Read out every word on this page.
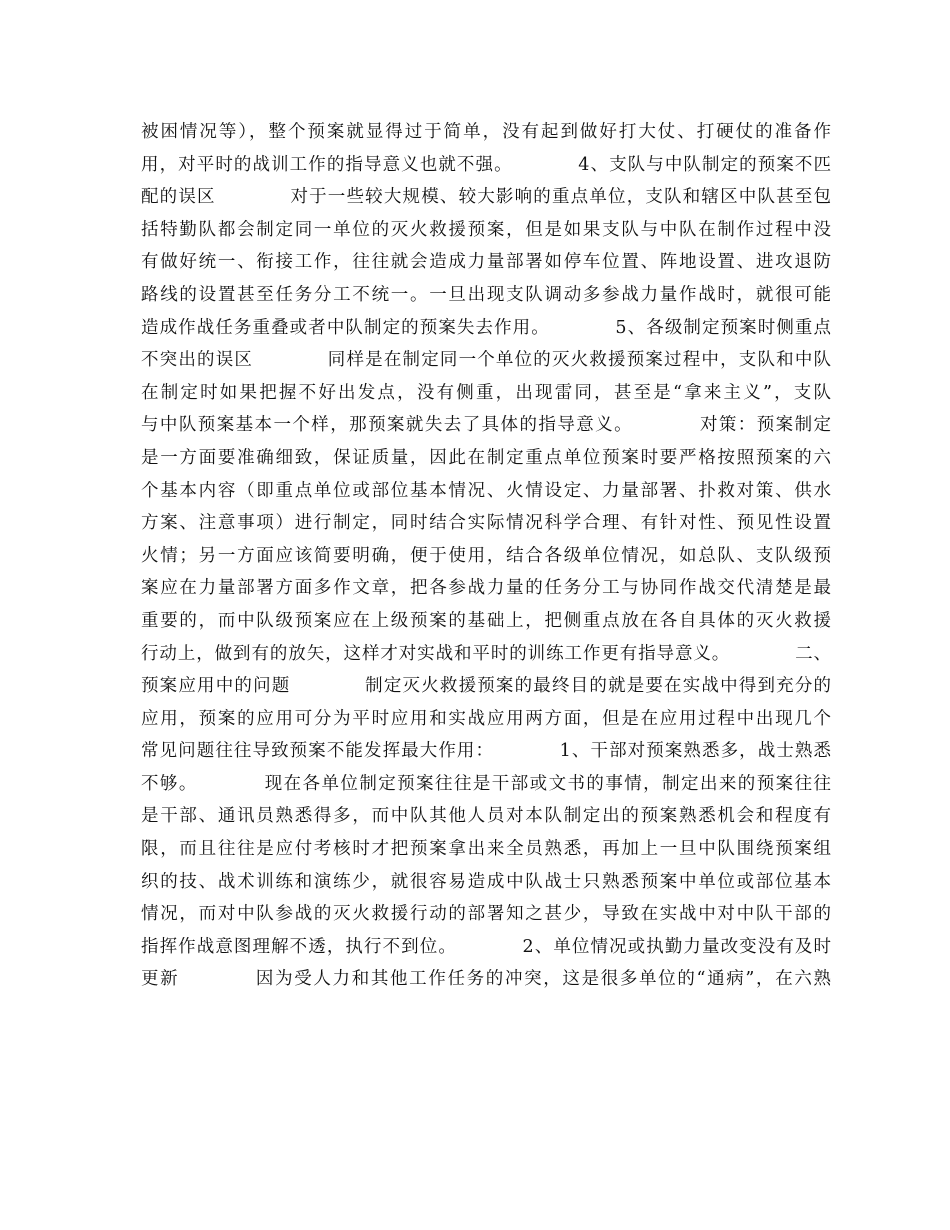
被困情况等），整个预案就显得过于简单，没有起到做好打大仗、打硬仗的准备作
用，对平时的战训工作的指导意义也就不强。　　　　4、支队与中队制定的预案不匹
配的误区　　　　对于一些较大规模、较大影响的重点单位，支队和辖区中队甚至包
括特勤队都会制定同一单位的灭火救援预案，但是如果支队与中队在制作过程中没
有做好统一、衔接工作，往往就会造成力量部署如停车位置、阵地设置、进攻退防
路线的设置甚至任务分工不统一。一旦出现支队调动多参战力量作战时，就很可能
造成作战任务重叠或者中队制定的预案失去作用。　　　　5、各级制定预案时侧重点
不突出的误区　　　　同样是在制定同一个单位的灭火救援预案过程中，支队和中队
在制定时如果把握不好出发点，没有侧重，出现雷同，甚至是“拿来主义”，支队
与中队预案基本一个样，那预案就失去了具体的指导意义。　　　　对策：预案制定
是一方面要准确细致，保证质量，因此在制定重点单位预案时要严格按照预案的六
个基本内容（即重点单位或部位基本情况、火情设定、力量部署、扑救对策、供水
方案、注意事项）进行制定，同时结合实际情况科学合理、有针对性、预见性设置
火情；另一方面应该简要明确，便于使用，结合各级单位情况，如总队、支队级预
案应在力量部署方面多作文章，把各参战力量的任务分工与协同作战交代清楚是最
重要的，而中队级预案应在上级预案的基础上，把侧重点放在各自具体的灭火救援
行动上，做到有的放矢，这样才对实战和平时的训练工作更有指导意义。　　　　二、
预案应用中的问题　　　　制定灭火救援预案的最终目的就是要在实战中得到充分的
应用，预案的应用可分为平时应用和实战应用两方面，但是在应用过程中出现几个
常见问题往往导致预案不能发挥最大作用：　　　　1、干部对预案熟悉多，战士熟悉
不够。　　　　现在各单位制定预案往往是干部或文书的事情，制定出来的预案往往
是干部、通讯员熟悉得多，而中队其他人员对本队制定出的预案熟悉机会和程度有
限，而且往往是应付考核时才把预案拿出来全员熟悉，再加上一旦中队围绕预案组
织的技、战术训练和演练少，就很容易造成中队战士只熟悉预案中单位或部位基本
情况，而对中队参战的灭火救援行动的部署知之甚少，导致在实战中对中队干部的
指挥作战意图理解不透，执行不到位。　　　　2、单位情况或执勤力量改变没有及时
更新　　　　因为受人力和其他工作任务的冲突，这是很多单位的“通病”，在六熟
